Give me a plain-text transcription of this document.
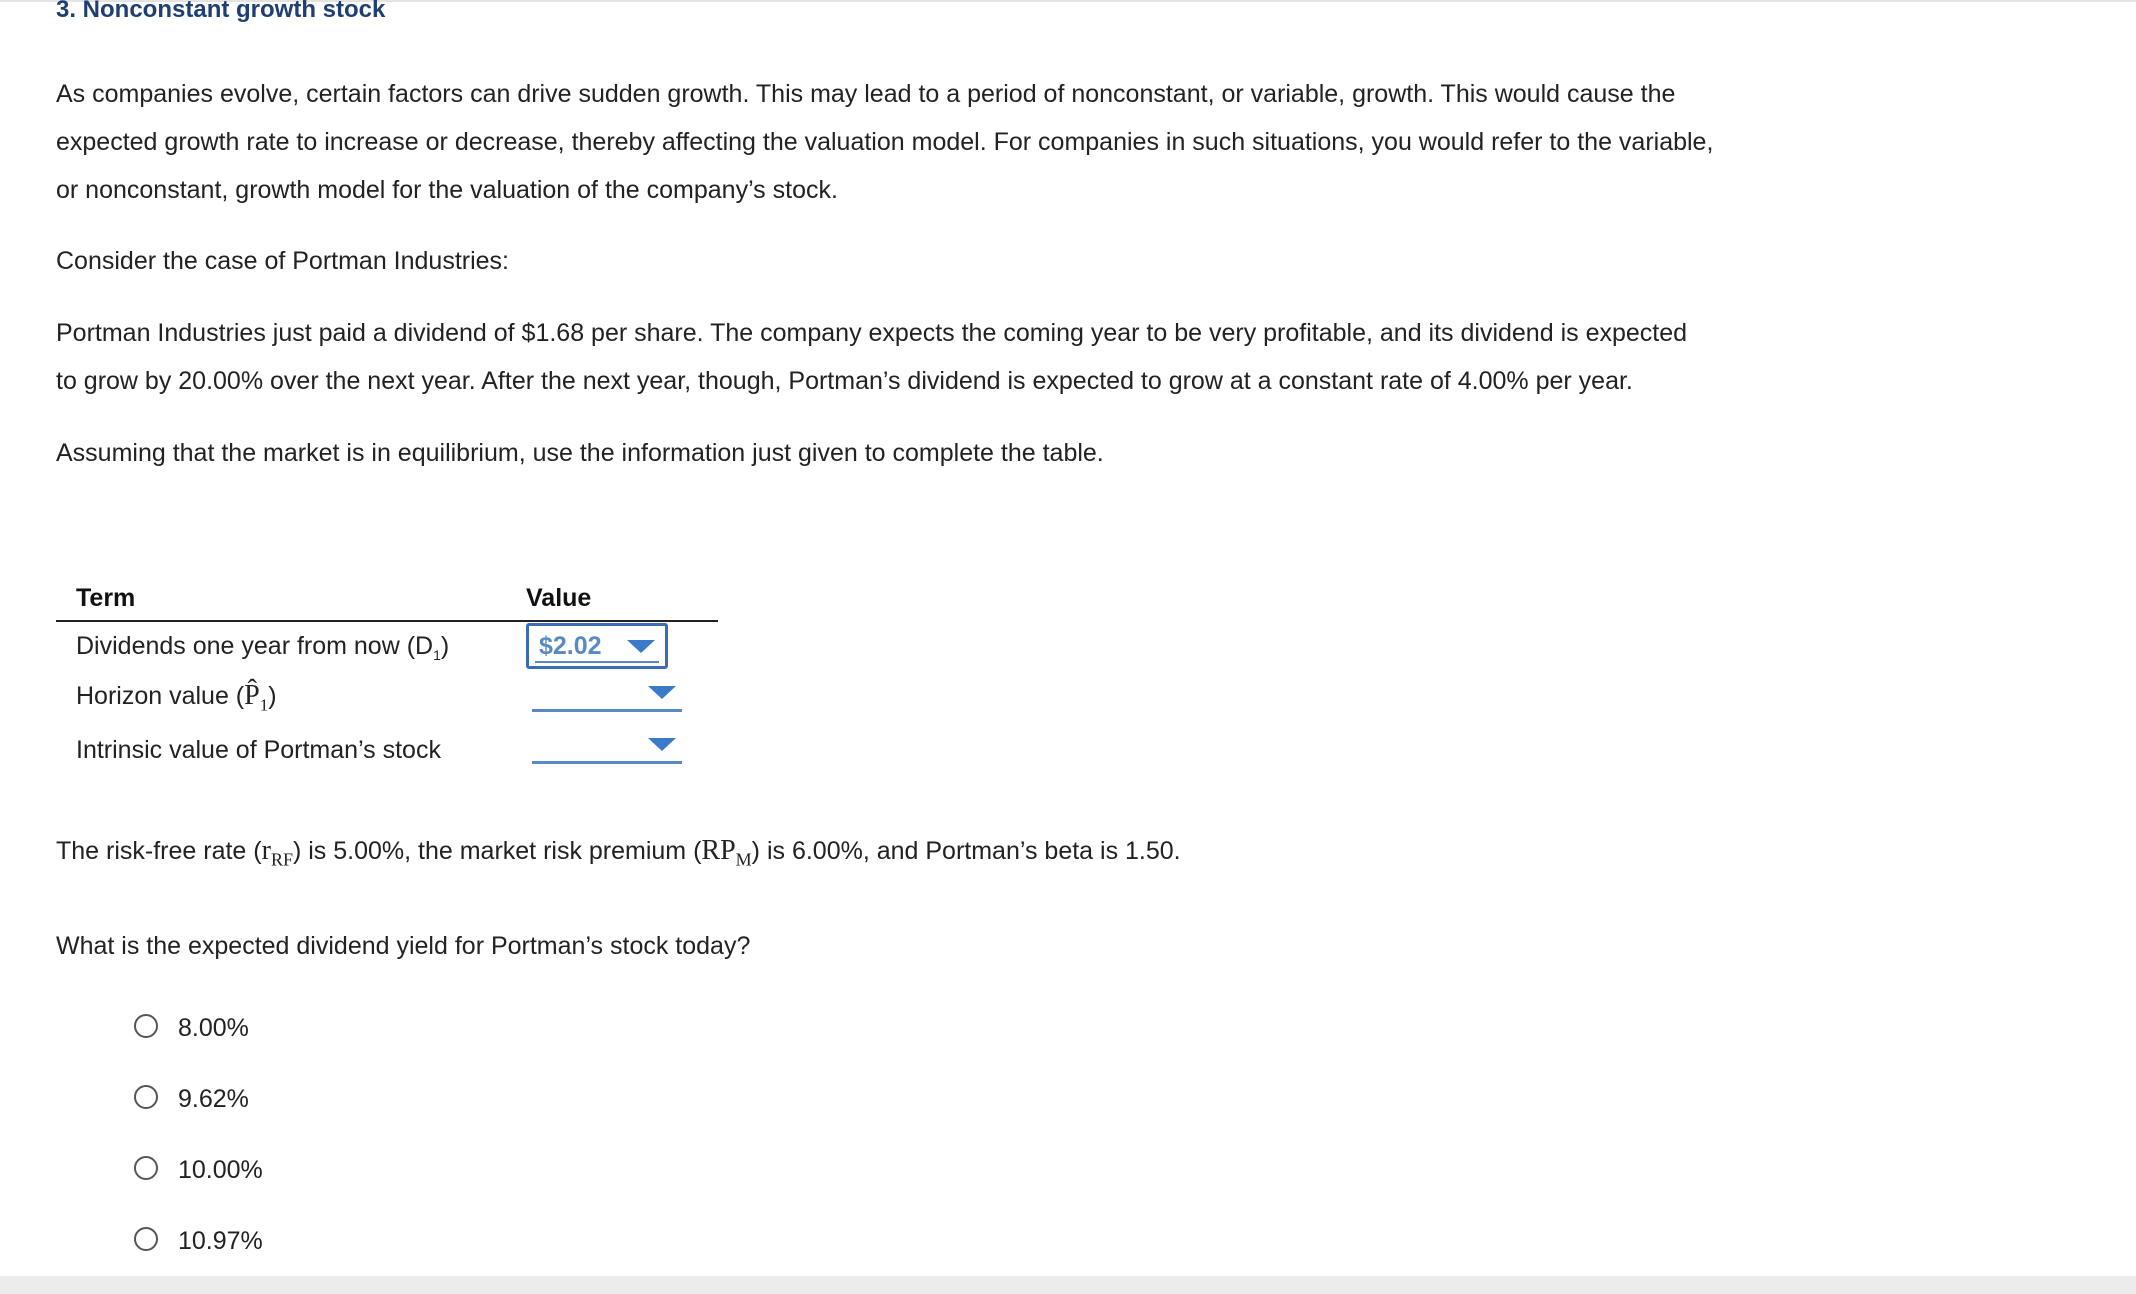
3. Nonconstant growth stock

As companies evolve, certain factors can drive sudden growth. This may lead to a period of nonconstant, or variable, growth. This would cause the
expected growth rate to increase or decrease, thereby affecting the valuation model. For companies in such situations, you would refer to the variable,
or nonconstant, growth model for the valuation of the company’s stock.

Consider the case of Portman Industries:

Portman Industries just paid a dividend of $1.68 per share. The company expects the coming year to be very profitable, and its dividend is expected
to grow by 20.00% over the next year. After the next year, though, Portman’s dividend is expected to grow at a constant rate of 4.00% per year.

Assuming that the market is in equilibrium, use the information just given to complete the table.

Term	Value
Dividends one year from now $(D_1)$	$2.02
Horizon value $(P̂_1)$
Intrinsic value of Portman’s stock

The risk-free rate $(r_{RF})$ is 5.00%, the market risk premium $(RP_M)$ is 6.00%, and Portman’s beta is 1.50.

What is the expected dividend yield for Portman’s stock today?

8.00%
9.62%
10.00%
10.97%
